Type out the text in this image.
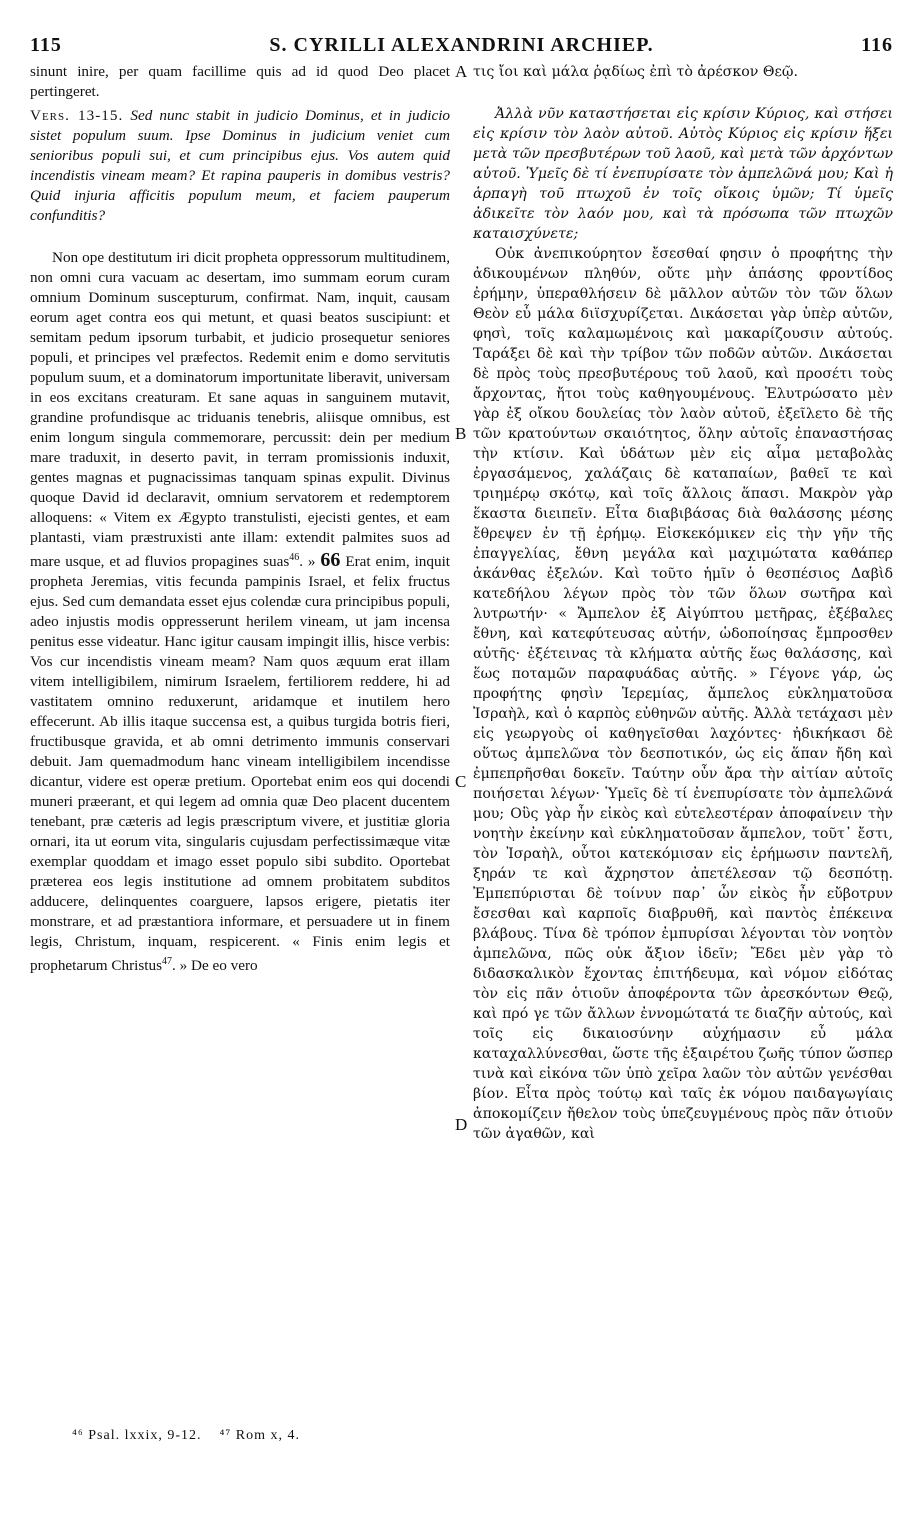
115	S. CYRILLI ALEXANDRINI ARCHIEP.	116

sinunt inire, per quam facillime quis ad id quod Deo placet pertingeret.

Vers. 13-15. Sed nunc stabit in judicio Dominus, et in judicio sistet populum suum. Ipse Dominus in judicium veniet cum senioribus populi sui, et cum principibus ejus. Vos autem quid incendistis vineam meam? Et rapina pauperis in domibus vestris? Quid injuria afficitis populum meum, et faciem pauperum confunditis?

Non ope destitutum iri dicit propheta oppressorum multitudinem, non omni cura vacuam ac desertam, imo summam eorum curam omnium Dominum suscepturum, confirmat. Nam, inquit, causam eorum aget contra eos qui metunt, et quasi beatos suscipiunt: et semitam pedum ipsorum turbabit, et judicio prosequetur seniores populi, et principes vel præfectos. Redemit enim e domo servitutis populum suum, et a dominatorum importunitate liberavit, universam in eos excitans creaturam. Et sane aquas in sanguinem mutavit, grandine profundisque ac triduanis tenebris, aliisque omnibus, est enim longum singula commemorare, percussit: dein per medium mare traduxit, in deserto pavit, in terram promissionis induxit, gentes magnas et pugnacissimas tanquam spinas expulit. Divinus quoque David id declaravit, omnium servatorem et redemptorem alloquens: « Vitem ex Ægypto transtulisti, ejecisti gentes, et eam plantasti, viam præstruxisti ante illam: extendit palmites suos ad mare usque, et ad fluvios propagines suas$^{46}$. » 66 Erat enim, inquit propheta Jeremias, vitis fecunda pampinis Israel, et felix fructus ejus. Sed cum demandata esset ejus colendæ cura principibus populi, adeo injustis modis oppresserunt herilem vineam, ut jam incensa penitus esse videatur. Hanc igitur causam impingit illis, hisce verbis: Vos cur incendistis vineam meam? Nam quos æquum erat illam vitem intelligibilem, nimirum Israelem, fertiliorem reddere, hi ad vastitatem omnino reduxerunt, aridamque et inutilem hero effecerunt. Ab illis itaque succensa est, a quibus turgida botris fieri, fructibusque gravida, et ab omni detrimento immunis conservari debuit. Jam quemadmodum hanc vineam intelligibilem incendisse dicantur, videre est operæ pretium. Oportebat enim eos qui docendi muneri præerant, et qui legem ad omnia quæ Deo placent ducentem tenebant, præ cæteris ad legis præscriptum vivere, et justitiæ gloria ornari, ita ut eorum vita, singularis cujusdam perfectissimæque vitæ exemplar quoddam et imago esset populo sibi subdito. Oportebat præterea eos legis institutione ad omnem probitatem subditos adducere, delinquentes coarguere, lapsos erigere, pietatis iter monstrare, et ad præstantiora informare, et persuadere ut in finem legis, Christum, inquam, respicerent. « Finis enim legis et prophetarum Christus$^{47}$. » De eo vero

A
B
C
D

τις ἴοι καὶ μάλα ῥᾳδίως ἐπὶ τὸ ἀρέσκον Θεῷ.

Ἀλλὰ νῦν καταστήσεται εἰς κρίσιν Κύριος, καὶ στήσει εἰς κρίσιν τὸν λαὸν αὐτοῦ. Αὐτὸς Κύριος εἰς κρίσιν ἥξει μετὰ τῶν πρεσβυτέρων τοῦ λαοῦ, καὶ μετὰ τῶν ἀρχόντων αὐτοῦ. Ὑμεῖς δὲ τί ἐνεπυρίσατε τὸν ἀμπελῶνά μου; Καὶ ἡ ἁρπαγὴ τοῦ πτωχοῦ ἐν τοῖς οἴκοις ὑμῶν; Τί ὑμεῖς ἀδικεῖτε τὸν λαόν μου, καὶ τὰ πρόσωπα τῶν πτωχῶν καταισχύνετε;

Οὐκ ἀνεπικούρητον ἔσεσθαί φησιν ὁ προφήτης τὴν ἀδικουμένων πληθύν, οὔτε μὴν ἁπάσης φροντίδος ἐρήμην, ὑπεραθλήσειν δὲ μᾶλλον αὐτῶν τὸν τῶν ὅλων Θεὸν εὖ μάλα διϊσχυρίζεται. Δικάσεται γὰρ ὑπὲρ αὐτῶν, φησὶ, τοῖς καλαμωμένοις καὶ μακαρίζουσιν αὐτούς. Ταράξει δὲ καὶ τὴν τρίβον τῶν ποδῶν αὐτῶν. Δικάσεται δὲ πρὸς τοὺς πρεσβυτέρους τοῦ λαοῦ, καὶ προσέτι τοὺς ἄρχοντας, ἤτοι τοὺς καθηγουμένους. Ἐλυτρώσατο μὲν γὰρ ἐξ οἴκου δουλείας τὸν λαὸν αὐτοῦ, ἐξεῖλετο δὲ τῆς τῶν κρατούντων σκαιότητος, ὅλην αὐτοῖς ἐπαναστήσας τὴν κτίσιν. Καὶ ὑδάτων μὲν εἰς αἷμα μεταβολὰς ἐργασάμενος, χαλάζαις δὲ καταπαίων, βαθεῖ τε καὶ τριημέρῳ σκότῳ, καὶ τοῖς ἄλλοις ἅπασι. Μακρὸν γὰρ ἕκαστα διειπεῖν. Εἶτα διαβιβάσας διὰ θαλάσσης μέσης ἔθρεψεν ἐν τῇ ἐρήμῳ. Εἰσκεκόμικεν εἰς τὴν γῆν τῆς ἐπαγγελίας, ἔθνη μεγάλα καὶ μαχιμώτατα καθάπερ ἀκάνθας ἐξελών. Καὶ τοῦτο ἡμῖν ὁ θεσπέσιος Δαβὶδ κατεδήλου λέγων πρὸς τὸν τῶν ὅλων σωτῆρα καὶ λυτρωτήν· « Ἄμπελον ἐξ Αἰγύπτου μετῆρας, ἐξέβαλες ἔθνη, καὶ κατεφύτευσας αὐτήν, ὡδοποίησας ἔμπροσθεν αὐτῆς· ἐξέτεινας τὰ κλήματα αὐτῆς ἕως θαλάσσης, καὶ ἕως ποταμῶν παραφυάδας αὐτῆς. » Γέγονε γάρ, ὡς προφήτης φησὶν Ἱερεμίας, ἄμπελος εὐκληματοῦσα Ἰσραὴλ, καὶ ὁ καρπὸς εὐθηνῶν αὐτῆς. Ἀλλὰ τετάχασι μὲν εἰς γεωργοὺς οἱ καθηγεῖσθαι λαχόντες· ἠδικήκασι δὲ οὕτως ἀμπελῶνα τὸν δεσποτικόν, ὡς εἰς ἅπαν ἤδη καὶ ἐμπεπρῆσθαι δοκεῖν. Ταύτην οὖν ἄρα τὴν αἰτίαν αὐτοῖς ποιήσεται λέγων· Ὑμεῖς δὲ τί ἐνεπυρίσατε τὸν ἀμπελῶνά μου; Οὓς γὰρ ἦν εἰκὸς καὶ εὐτελεστέραν ἀποφαίνειν τὴν νοητὴν ἐκείνην καὶ εὐκληματοῦσαν ἄμπελον, τοῦτ᾽ ἔστι, τὸν Ἰσραὴλ, οὗτοι κατεκόμισαν εἰς ἐρήμωσιν παντελῆ, ξηράν τε καὶ ἄχρηστον ἀπετέλεσαν τῷ δεσπότῃ. Ἐμπεπύρισται δὲ τοίνυν παρ᾽ ὧν εἰκὸς ἦν εὔβοτρυν ἔσεσθαι καὶ καρποῖς διαβρυθῆ, καὶ παντὸς ἐπέκεινα βλάβους. Τίνα δὲ τρόπον ἐμπυρίσαι λέγονται τὸν νοητὸν ἀμπελῶνα, πῶς οὐκ ἄξιον ἰδεῖν; Ἔδει μὲν γὰρ τὸ διδασκαλικὸν ἔχοντας ἐπιτήδευμα, καὶ νόμον εἰδότας τὸν εἰς πᾶν ὁτιοῦν ἀποφέροντα τῶν ἀρεσκόντων Θεῷ, καὶ πρό γε τῶν ἄλλων ἐννομώτατά τε διαζῆν αὐτούς, καὶ τοῖς εἰς δικαιοσύνην αὐχήμασιν εὖ μάλα καταχαλλύνεσθαι, ὥστε τῆς ἐξαιρέτου ζωῆς τύπον ὥσπερ τινὰ καὶ εἰκόνα τῶν ὑπὸ χεῖρα λαῶν τὸν αὐτῶν γενέσθαι βίον. Εἶτα πρὸς τούτῳ καὶ ταῖς ἐκ νόμου παιδαγωγίαις ἀποκομίζειν ἤθελον τοὺς ὑπεζευγμένους πρὸς πᾶν ὁτιοῦν τῶν ἀγαθῶν, καὶ

⁴⁶ Psal. lxxix, 9-12. ⁴⁷ Rom x, 4.
